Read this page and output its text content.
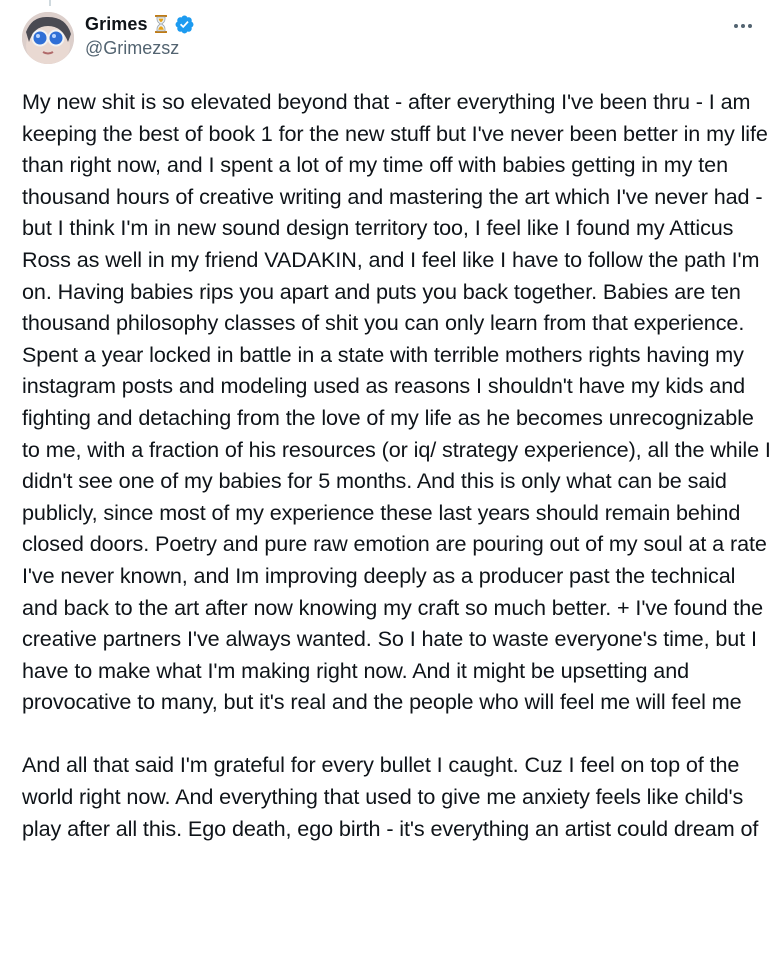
Grimes
@Grimezsz

My new shit is so elevated beyond that - after everything I've been thru - I am keeping the best of book 1 for the new stuff but I've never been better in my life than right now, and I spent a lot of my time off with babies getting in my ten thousand hours of creative writing and mastering the art which I've never had - but I think I'm in new sound design territory too, I feel like I found my Atticus Ross as well in my friend VADAKIN, and I feel like I have to follow the path I'm on. Having babies rips you apart and puts you back together. Babies are ten thousand philosophy classes of shit you can only learn from that experience. Spent a year locked in battle in a state with terrible mothers rights having my instagram posts and modeling used as reasons I shouldn't have my kids and fighting and detaching from the love of my life as he becomes unrecognizable to me, with a fraction of his resources (or iq/ strategy experience), all the while I didn't see one of my babies for 5 months. And this is only what can be said publicly, since most of my experience these last years should remain behind closed doors. Poetry and pure raw emotion are pouring out of my soul at a rate I've never known, and Im improving deeply as a producer past the technical and back to the art after now knowing my craft so much better. + I've found the creative partners I've always wanted. So I hate to waste everyone's time, but I have to make what I'm making right now. And it might be upsetting and provocative to many, but it's real and the people who will feel me will feel me

And all that said I'm grateful for every bullet I caught. Cuz I feel on top of the world right now. And everything that used to give me anxiety feels like child's play after all this. Ego death, ego birth - it's everything an artist could dream of
